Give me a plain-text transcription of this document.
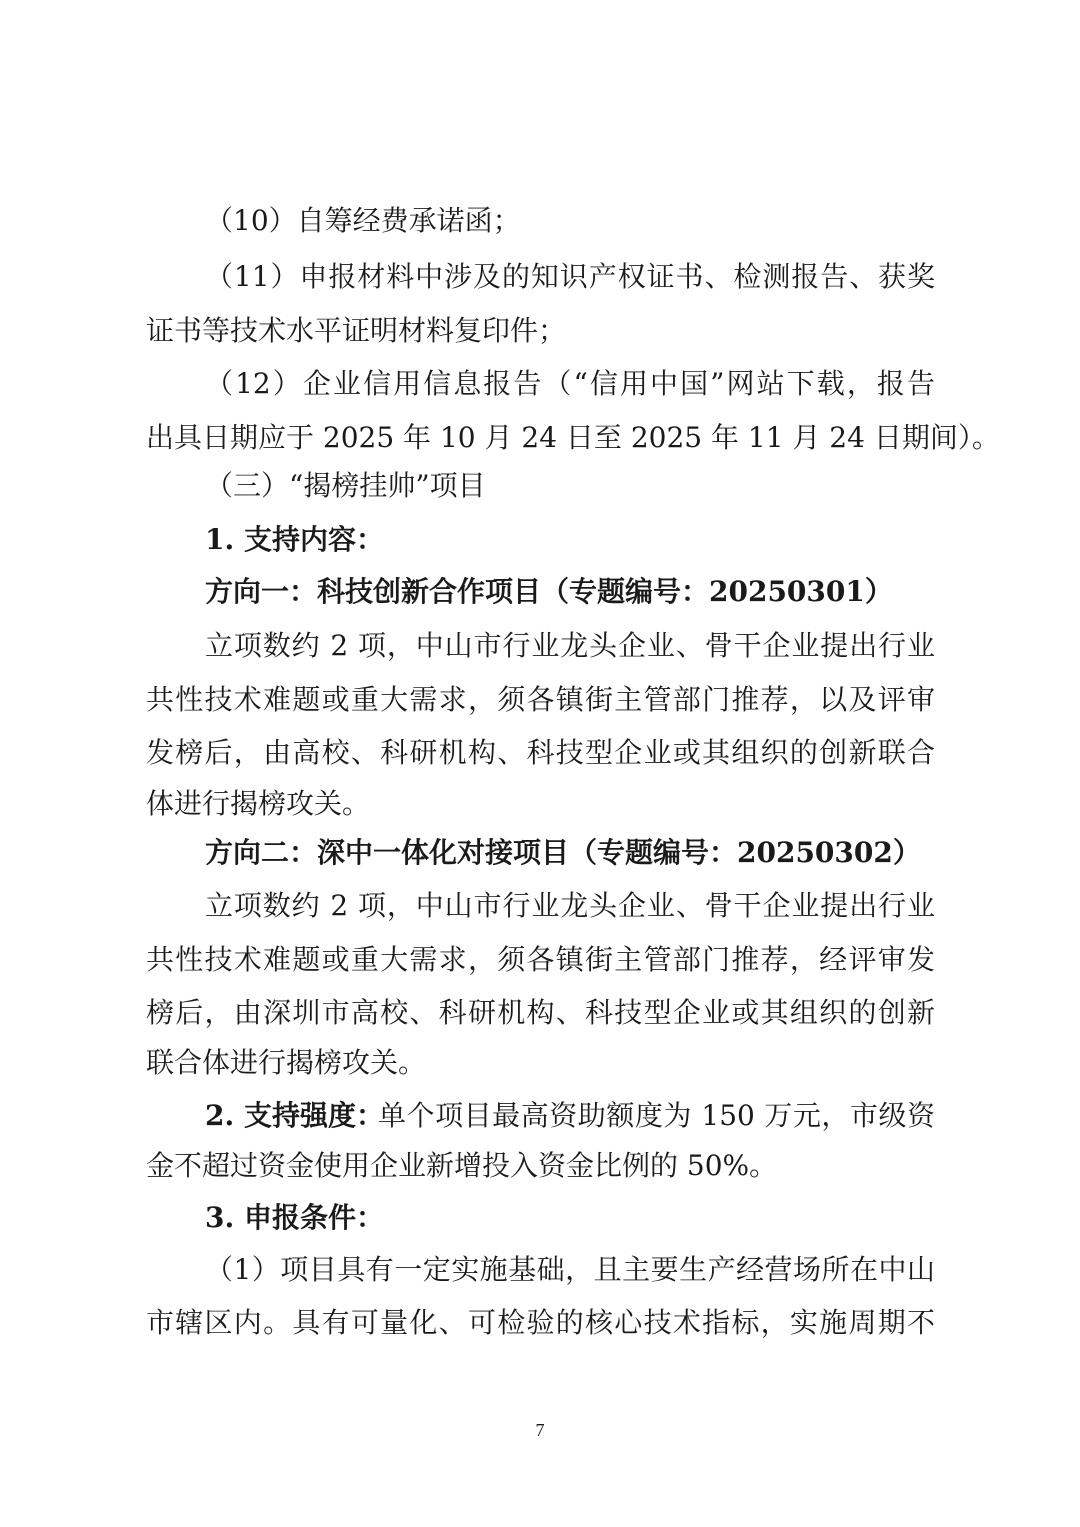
（10）自筹经费承诺函；
（11）申报材料中涉及的知识产权证书、检测报告、获奖
证书等技术水平证明材料复印件；
（12）企业信用信息报告（“信用中国”网站下载，报告
出具日期应于 2025 年 10 月 24 日至 2025 年 11 月 24 日期间）。
（三）“揭榜挂帅”项目
1. 支持内容：
方向一：科技创新合作项目（专题编号：20250301）
立项数约 2 项，中山市行业龙头企业、骨干企业提出行业
共性技术难题或重大需求，须各镇街主管部门推荐，以及评审
发榜后，由高校、科研机构、科技型企业或其组织的创新联合
体进行揭榜攻关。
方向二：深中一体化对接项目（专题编号：20250302）
立项数约 2 项，中山市行业龙头企业、骨干企业提出行业
共性技术难题或重大需求，须各镇街主管部门推荐，经评审发
榜后，由深圳市高校、科研机构、科技型企业或其组织的创新
联合体进行揭榜攻关。
2. 支持强度：
单个项目最高资助额度为 150 万元，市级资
金不超过资金使用企业新增投入资金比例的 50%。
3. 申报条件：
（1）项目具有一定实施基础，且主要生产经营场所在中山
市辖区内。具有可量化、可检验的核心技术指标，实施周期不
7
